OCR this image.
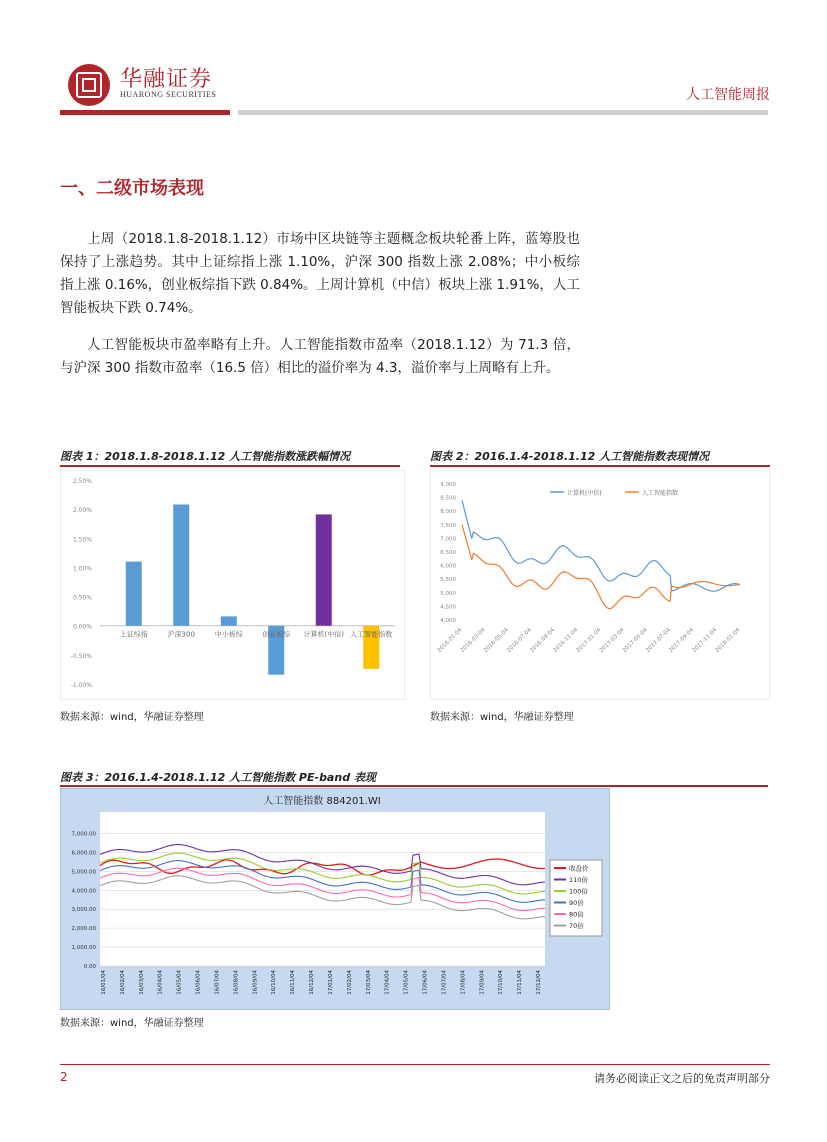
华融证券
HUARONG SECURITIES	人工智能周报
一、二级市场表现
上周（2018.1.8-2018.1.12）市场中区块链等主题概念板块轮番上阵，蓝筹股也保持了上涨趋势。其中上证综指上涨 1.10%，沪深 300 指数上涨 2.08%；中小板综指上涨 0.16%，创业板综指下跌 0.84%。上周计算机（中信）板块上涨 1.91%，人工智能板块下跌 0.74%。
人工智能板块市盈率略有上升。人工智能指数市盈率（2018.1.12）为 71.3 倍，与沪深 300 指数市盈率（16.5 倍）相比的溢价率为 4.3，溢价率与上周略有上升。
图表 1：2018.1.8-2018.1.12 人工智能指数涨跌幅情况
2.50%
2.00%
1.50%
1.00%
0.50%
0.00%
-0.50%
-1.00%
上证综指	沪深300	中小板综	创业板综 计算机(中信) 人工智能指数
数据来源：wind，华融证券整理
图表 2：2016.1.4-2018.1.12 人工智能指数表现情况
9,000
8,500
8,000
7,500
7,000
6,500
6,000
5,500
5,000
4,500
4,000
计算机(中信)	人工智能指数
2016-01-04
2016-03-04
2016-05-04
2016-07-04
2016-09-04
2016-11-04
2017-01-04
2017-03-04
2017-05-04
2017-07-04
2017-09-04
2017-11-04
2018-01-04
数据来源：wind，华融证券整理
图表 3：2016.1.4-2018.1.12 人工智能指数 PE-band 表现
人工智能指数 884201.WI
7,000.00
6,000.00
5,000.00
4,000.00
3,000.00
2,000.00
1,000.00
0.00
16/01/04 16/02/04 16/03/04 16/04/04 16/05/04 16/06/04 16/07/04 16/08/04 16/09/04 16/10/04 16/11/04 16/12/04 17/01/04 17/02/04 17/03/04 17/04/04 17/05/04 17/06/04 17/07/04 17/08/04 17/09/04 17/10/04 17/11/04 17/12/04
收盘价
110倍
100倍
90倍
80倍
70倍
数据来源：wind，华融证券整理
2	请务必阅读正文之后的免责声明部分
